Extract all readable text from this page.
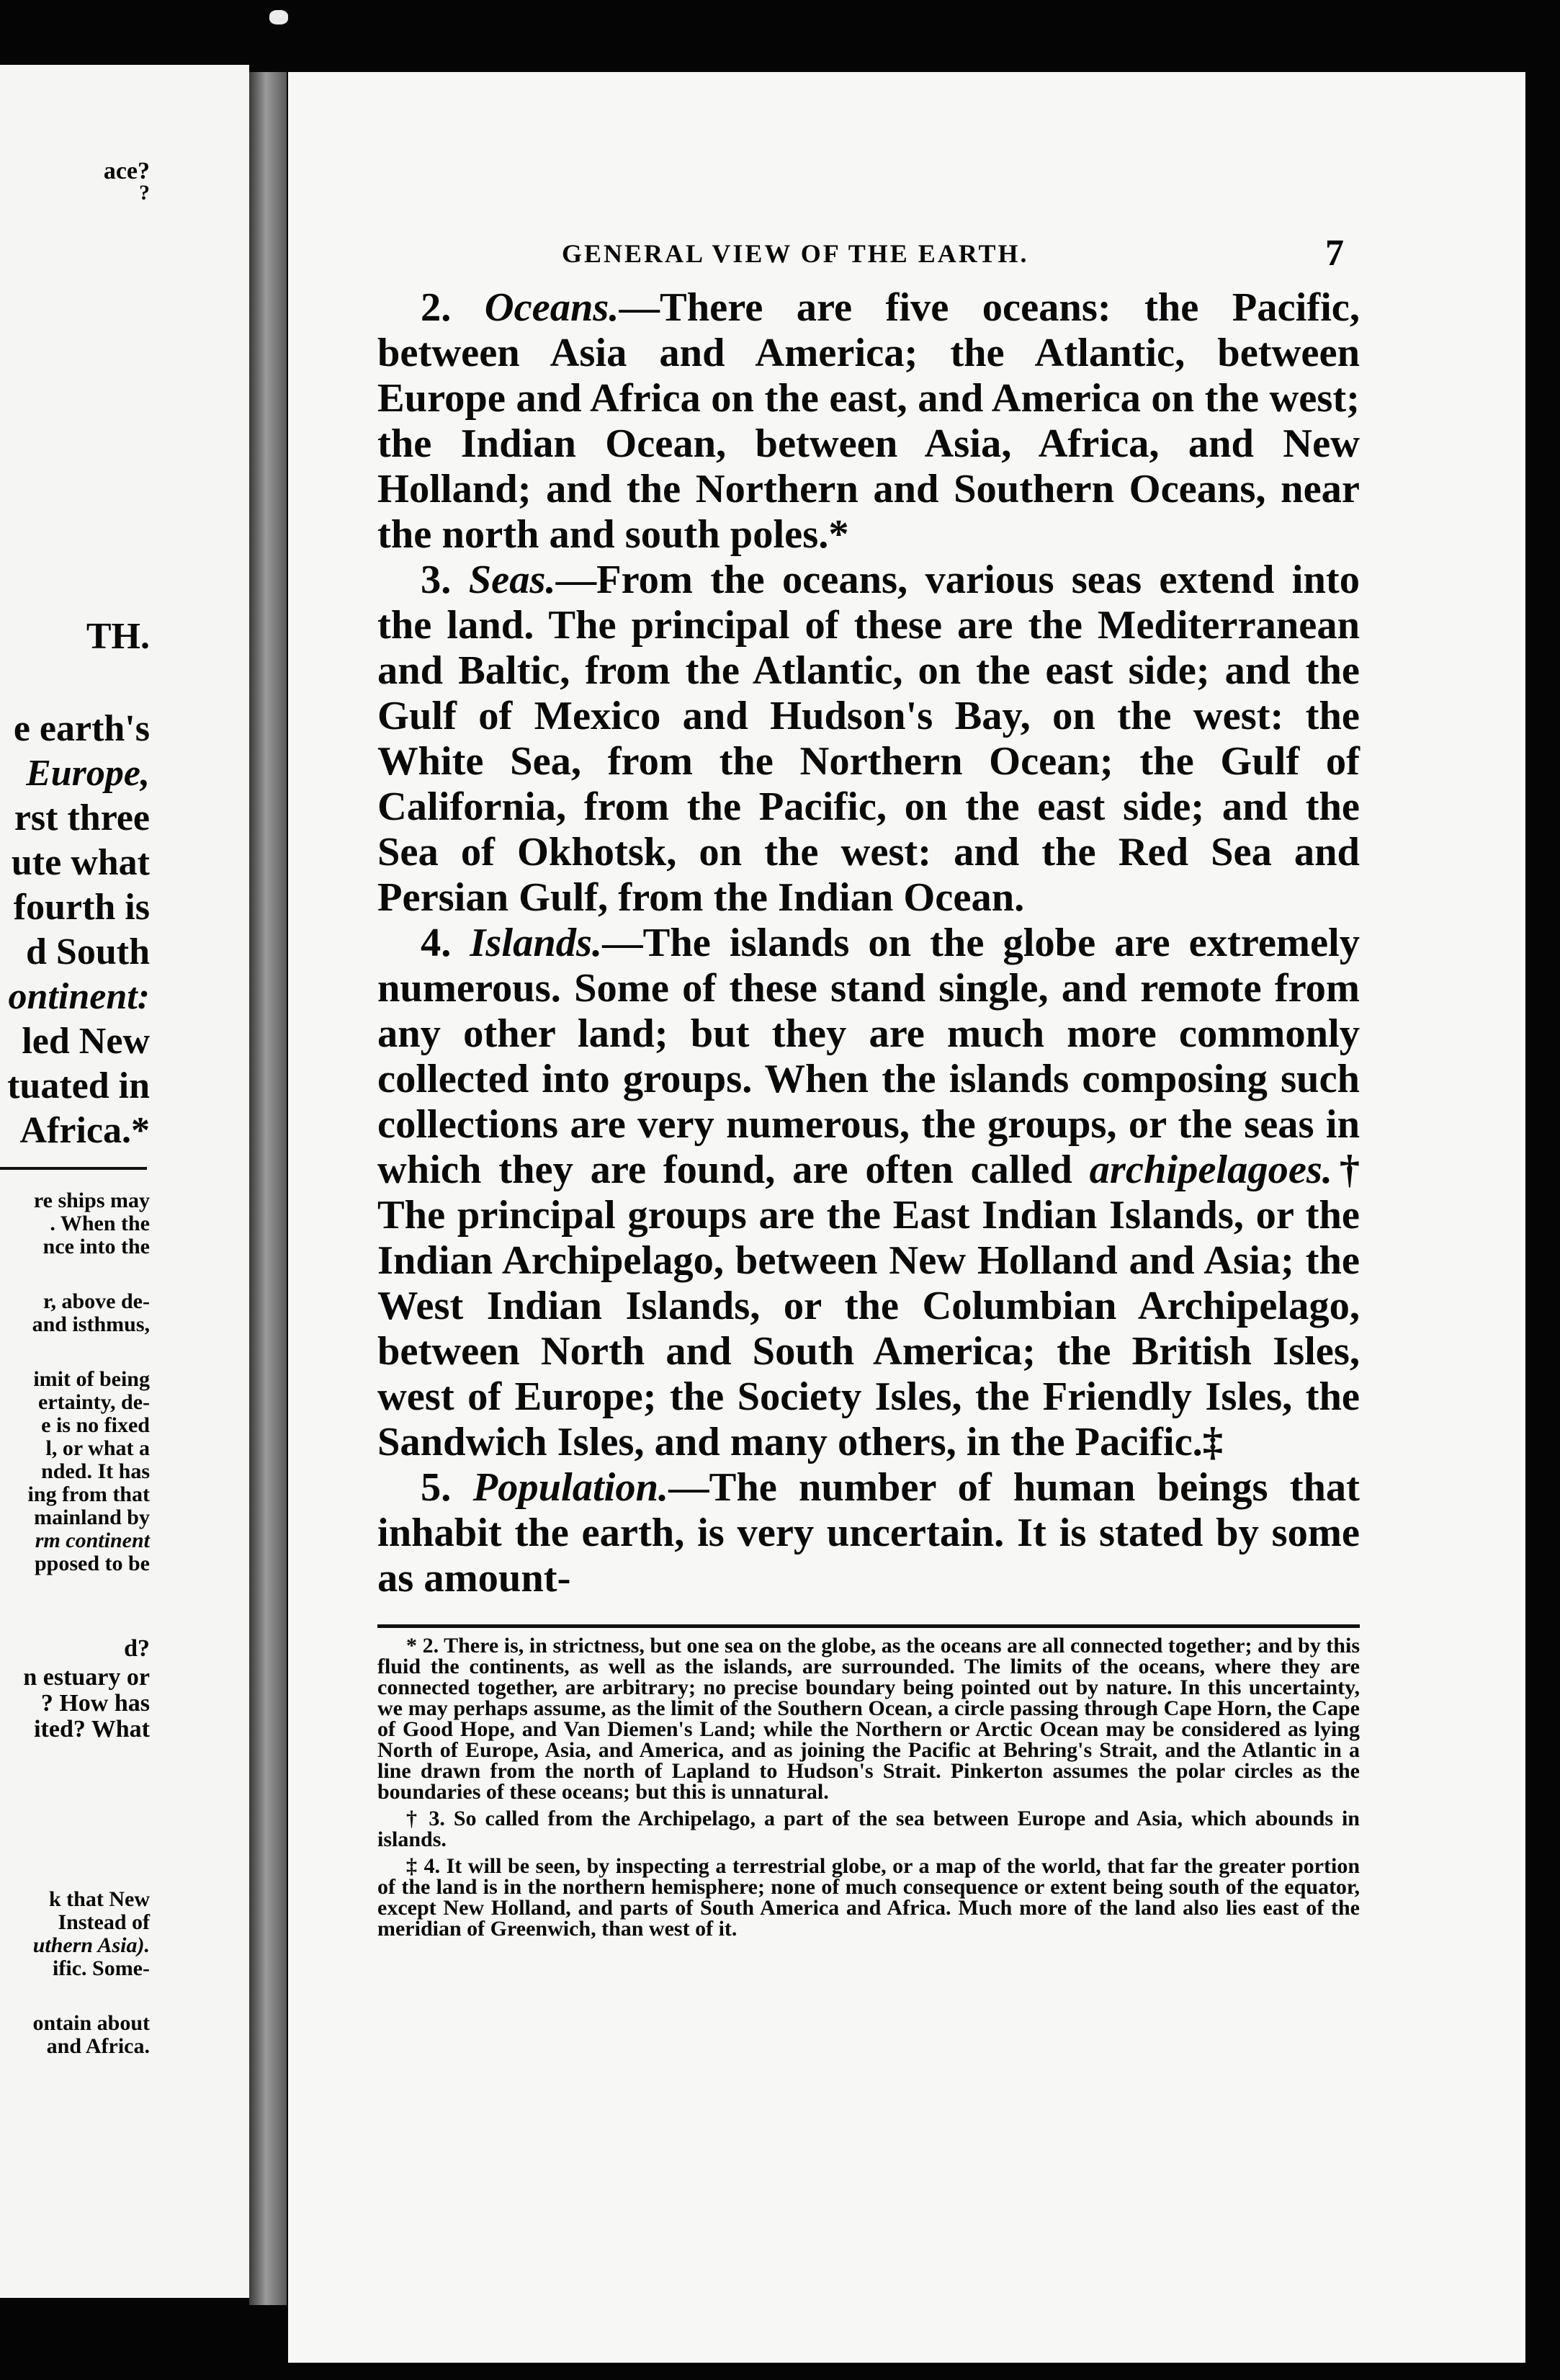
ace?
?
TH.
e earth's
Europe,
rst three
ute what
fourth is
d South
ontinent:
led New
tuated in
Africa.*
re ships may
. When the
nce into the
r, above de-
and isthmus,
imit of being
ertainty, de-
e is no fixed
l, or what a
nded. It has
ing from that
mainland by
rm continent
pposed to be
d?
n estuary or
? How has
ited? What
k that New
Instead of
uthern Asia).
ific. Some-
ontain about
and Africa.
GENERAL VIEW OF THE EARTH.	7

2. Oceans.—There are five oceans: the Pacific, between Asia and America; the Atlantic, between Europe and Africa on the east, and America on the west; the Indian Ocean, between Asia, Africa, and New Holland; and the Northern and Southern Oceans, near the north and south poles.*

3. Seas.—From the oceans, various seas extend into the land. The principal of these are the Mediterranean and Baltic, from the Atlantic, on the east side; and the Gulf of Mexico and Hudson's Bay, on the west: the White Sea, from the Northern Ocean; the Gulf of California, from the Pacific, on the east side; and the Sea of Okhotsk, on the west: and the Red Sea and Persian Gulf, from the Indian Ocean.

4. Islands.—The islands on the globe are extremely numerous. Some of these stand single, and remote from any other land; but they are much more commonly collected into groups. When the islands composing such collections are very numerous, the groups, or the seas in which they are found, are often called archipelagoes.† The principal groups are the East Indian Islands, or the Indian Archipelago, between New Holland and Asia; the West Indian Islands, or the Columbian Archipelago, between North and South America; the British Isles, west of Europe; the Society Isles, the Friendly Isles, the Sandwich Isles, and many others, in the Pacific.‡

5. Population.—The number of human beings that inhabit the earth, is very uncertain. It is stated by some as amount-

* 2. There is, in strictness, but one sea on the globe, as the oceans are all connected together; and by this fluid the continents, as well as the islands, are surrounded. The limits of the oceans, where they are connected together, are arbitrary; no precise boundary being pointed out by nature. In this uncertainty, we may perhaps assume, as the limit of the Southern Ocean, a circle passing through Cape Horn, the Cape of Good Hope, and Van Diemen's Land; while the Northern or Arctic Ocean may be considered as lying North of Europe, Asia, and America, and as joining the Pacific at Behring's Strait, and the Atlantic in a line drawn from the north of Lapland to Hudson's Strait. Pinkerton assumes the polar circles as the boundaries of these oceans; but this is unnatural.

† 3. So called from the Archipelago, a part of the sea between Europe and Asia, which abounds in islands.

‡ 4. It will be seen, by inspecting a terrestrial globe, or a map of the world, that far the greater portion of the land is in the northern hemisphere; none of much consequence or extent being south of the equator, except New Holland, and parts of South America and Africa. Much more of the land also lies east of the meridian of Greenwich, than west of it.
